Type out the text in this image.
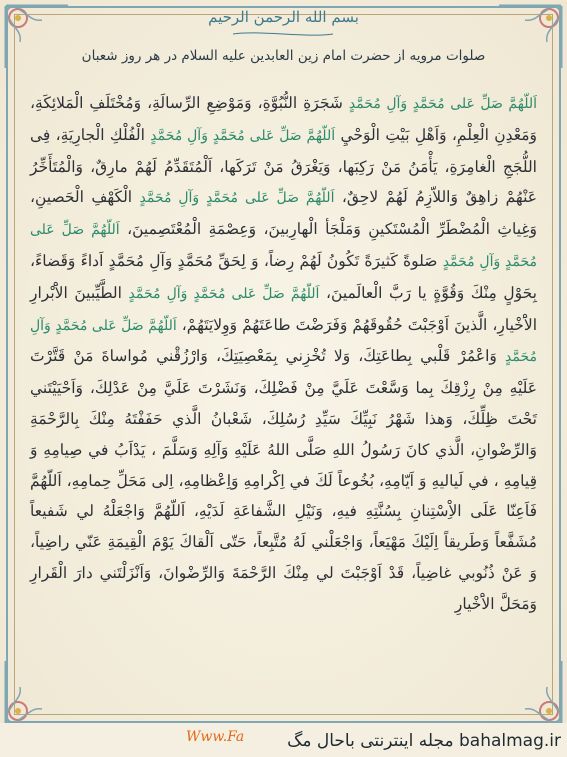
بسم الله الرحمن الرحيم
صلوات مرویه از حضرت امام زین العابدین علیه السلام در هر روز شعبان
اَللّهُمَّ صَلِّ عَلى مُحَمَّدٍ وَآلِ مُحَمَّدٍ شَجَرَةِ النُّبُوَّةِ، وَمَوْضِعِ الرِّسالَةِ، وَمُخْتَلَفِ الْمَلائِكَةِ، وَمَعْدِنِ الْعِلْمِ، وَاَهْلِ بَيْتِ الْوَحْيِ اَللّهُمَّ صَلِّ عَلى مُحَمَّدٍ وَآلِ مُحَمَّدٍ الْفُلْكِ الْجارِيَةِ، فِى اللُّجَجِ الْغامِرَةِ، يَأْمَنُ مَنْ رَكِبَها، وَيَغْرَقُ مَنْ تَرَكَها، اَلْمُتَقَدِّمُ لَهُمْ مارِقٌ، وَالْمُتَأَخِّرُ عَنْهُمْ زاهِقٌ وَاللاّزِمُ لَهُمْ لاحِقٌ، اَللّهُمَّ صَلِّ عَلى مُحَمَّدٍ وَآلِ مُحَمَّدٍ الْكَهْفِ الْحَصينِ، وَغِياثِ الْمُضْطَرِّ الْمُسْتَكينِ وَمَلْجَأ الْهارِبينَ، وَعِصْمَةِ الْمُعْتَصِمينَ، اَللّهُمَّ صَلِّ عَلى مُحَمَّدٍ وَآلِ مُحَمَّدٍ صَلوةً كَثيرَةً تَكُونُ لَهُمْ رِضاً، وَ لِحَقِّ مُحَمَّدٍ وَآلِ مُحَمَّدٍ اَداءً وَقَضاءً، بِحَوْلٍ مِنْكَ وَقُوَّةٍ يا رَبَّ الْعالَمينَ، اَللّهُمَّ صَلِّ عَلى مُحَمَّدٍ وَآلِ مُحَمَّدٍ الطَّيِّبينَ الاَْبْرارِ الاَْخْيارِ، الَّذينَ اَوْجَبْتَ حُقُوقَهُمْ وَفَرَضْتَ طاعَتَهُمْ وَوِلايَتَهُمْ، اَللّهُمَّ صَلِّ عَلى مُحَمَّدٍ وَآلِ مُحَمَّدٍ وَاعْمُرْ قَلْبي بِطاعَتِكَ، وَلا تُخْزِني بِمَعْصِيَتِكَ، وَارْزُقْني مُواساةَ مَنْ قَتَّرْتَ عَلَيْهِ مِنْ رِزْقِكَ بِما وَسَّعْتَ عَلَيَّ مِنْ فَضْلِكَ، وَنَشَرْتَ عَلَيَّ مِنْ عَدْلِكَ، وَاَحْيَيْتَني تَحْتَ ظِلِّكَ، وَهذا شَهْرُ نَبِيِّكَ سَيِّدِ رُسُلِكَ، شَعْبانُ الَّذي حَفَفْتَهُ مِنْكَ بِالرَّحْمَةِ وَالرِّضْوانِ، الَّذي كانَ رَسُولُ اللهِ صَلَّى اللهُ عَلَيْهِ وَآلِهِ وَسَلَّمَ ، يَدْاَبُ في صِيامِهِ وَ قِيامِهِ ، في لَياليهِ وَ اَيّامِهِ، بُخُوعاً لَكَ في اِكْرامِهِ وَاِعْظامِهِ، اِلى مَحَلِّ حِمامِهِ، اَللّهُمَّ فَاَعِنّا عَلَى الاِْسْتِنانِ بِسُنَّتِهِ فيهِ، وَنَيْلِ الشَّفاعَةِ لَدَيْهِ، اَللّهُمَّ وَاجْعَلْهُ لي شَفيعاً مُشَفَّعاً وَطَريقاً اِلَيْكَ مَهْيَعاً، وَاجْعَلْني لَهُ مُتَّبِعاً، حَتّى اَلْقاكَ يَوْمَ الْقِيمَةِ عَنّي راضِياً، وَ عَنْ ذُنُوبي غاضِياً، قَدْ اَوْجَبْتَ لي مِنْكَ الرَّحْمَةَ وَالرِّضْوانَ، وَاَنْزَلْتَني دارَ الْقَرارِ وَمَحَلَّ الاَْخْيارِ
Www.Fa	bahalmag.ir مجله اینترنتی باحال مگ
